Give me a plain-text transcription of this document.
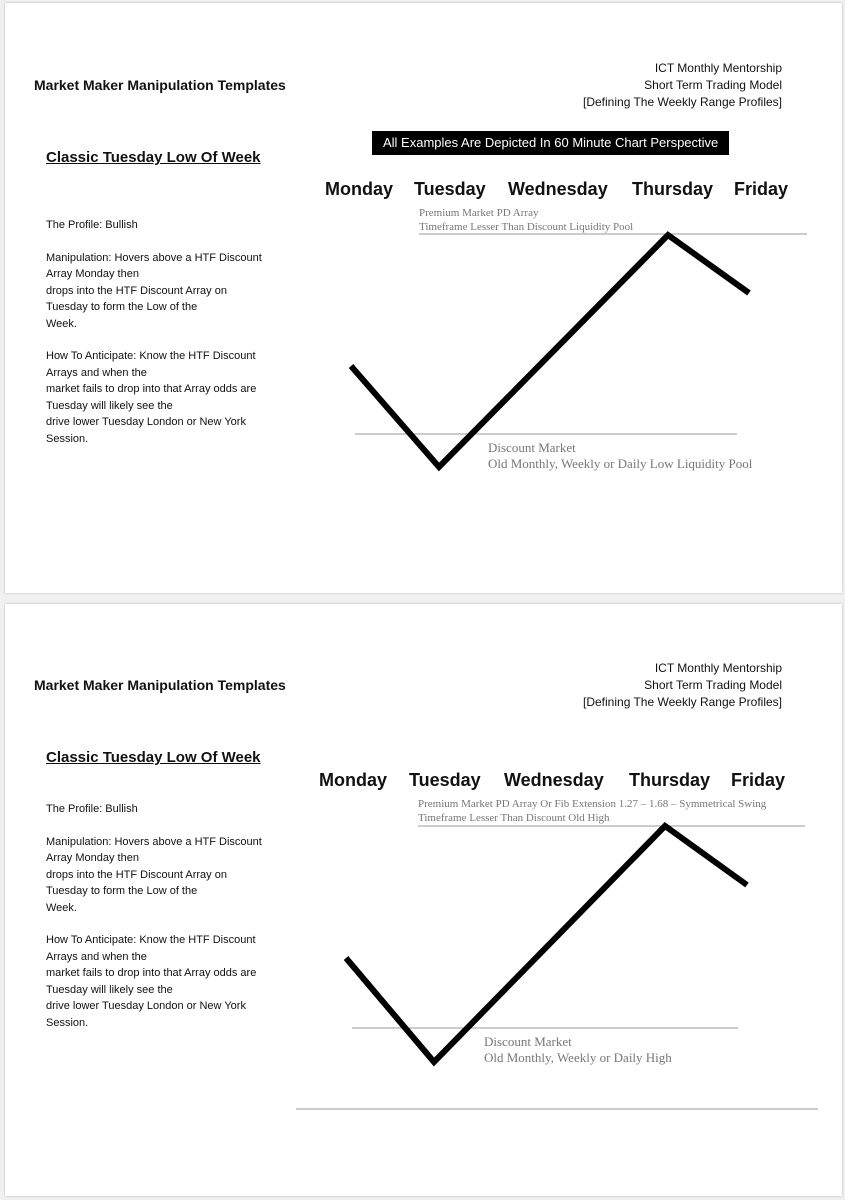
Market Maker Manipulation Templates
ICT Monthly Mentorship
Short Term Trading Model
[Defining The Weekly Range Profiles]
All Examples Are Depicted In 60 Minute Chart Perspective
Classic Tuesday Low Of Week

The Profile: Bullish

Manipulation: Hovers above a HTF Discount

Array Monday then

drops into the HTF Discount Array on

Tuesday to form the Low of the

Week.

How To Anticipate: Know the HTF Discount

Arrays and when the

market fails to drop into that Array odds are

Tuesday will likely see the

drive lower Tuesday London or New York

Session.

Monday Tuesday Wednesday Thursday Friday
Premium Market PD Array
Timeframe Lesser Than Discount Liquidity Pool
Discount Market
Old Monthly, Weekly or Daily Low Liquidity Pool
Market Maker Manipulation Templates
ICT Monthly Mentorship
Short Term Trading Model
[Defining The Weekly Range Profiles]
Classic Tuesday Low Of Week

The Profile: Bullish

Manipulation: Hovers above a HTF Discount

Array Monday then

drops into the HTF Discount Array on

Tuesday to form the Low of the

Week.

How To Anticipate: Know the HTF Discount

Arrays and when the

market fails to drop into that Array odds are

Tuesday will likely see the

drive lower Tuesday London or New York

Session.

Monday Tuesday Wednesday Thursday Friday
Premium Market PD Array Or Fib Extension 1.27 – 1.68 – Symmetrical Swing
Timeframe Lesser Than Discount Old High
Discount Market
Old Monthly, Weekly or Daily High
